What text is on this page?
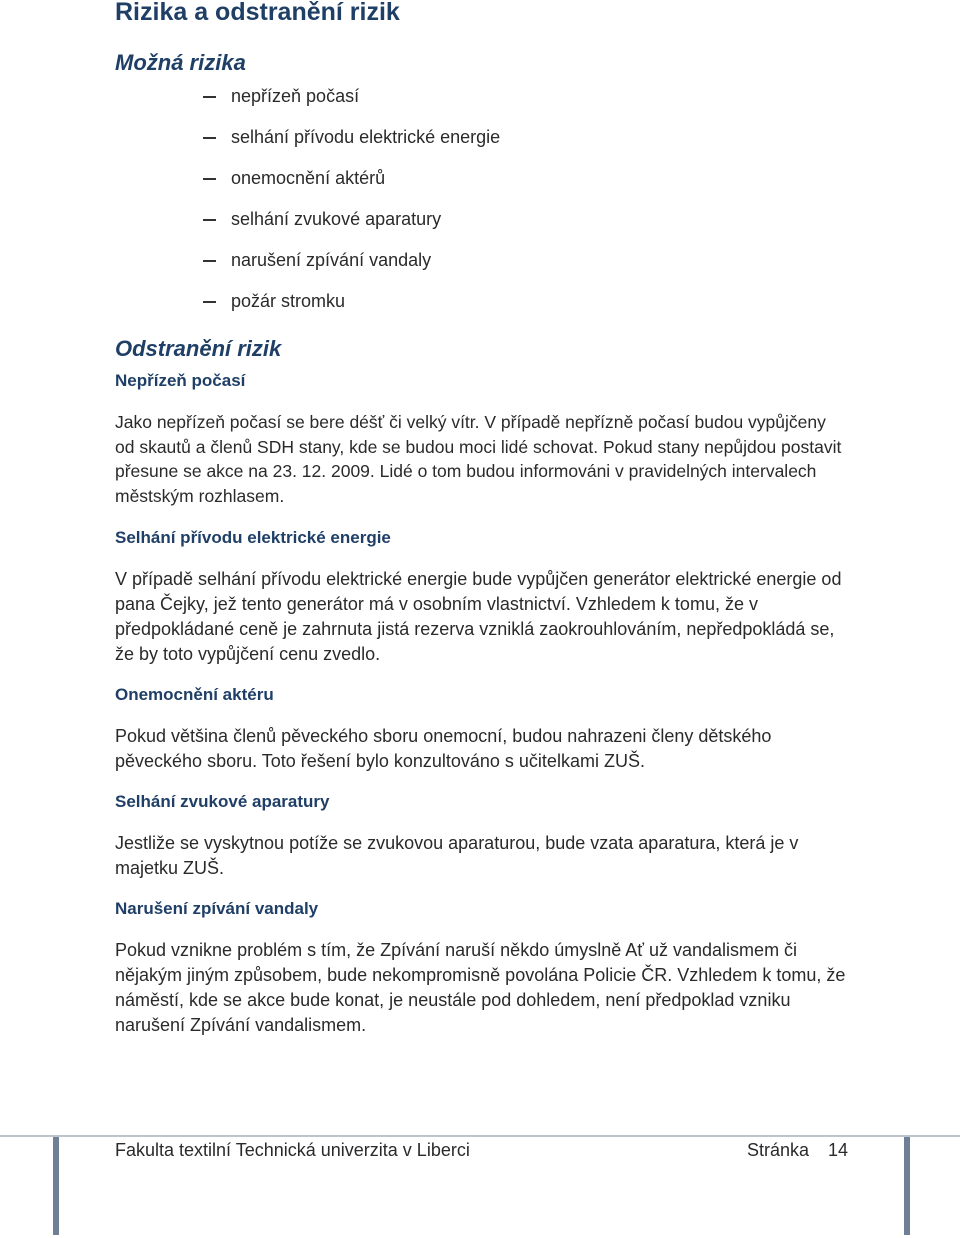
Rizika a odstranění rizik
Možná rizika
nepřízeň počasí
selhání přívodu elektrické energie
onemocnění aktérů
selhání zvukové aparatury
narušení zpívání vandaly
požár stromku
Odstranění rizik
Nepřízeň počasí

Jako nepřízeň počasí se bere déšť či velký vítr. V případě nepřízně počasí budou vypůjčeny od skautů a členů SDH stany, kde se budou moci lidé schovat. Pokud stany nepůjdou postavit přesune se akce na 23. 12. 2009. Lidé o tom budou informováni v pravidelných intervalech městským rozhlasem.

Selhání přívodu elektrické energie

V případě selhání přívodu elektrické energie bude vypůjčen generátor elektrické energie od pana Čejky, jež tento generátor má v osobním vlastnictví. Vzhledem k tomu, že v předpokládané ceně je zahrnuta jistá rezerva vzniklá zaokrouhlováním, nepředpokládá se, že by toto vypůjčení cenu zvedlo.

Onemocnění aktéru

Pokud většina členů pěveckého sboru onemocní, budou nahrazeni členy dětského pěveckého sboru. Toto řešení bylo konzultováno s učitelkami ZUŠ.

Selhání zvukové aparatury

Jestliže se vyskytnou potíže se zvukovou aparaturou, bude vzata aparatura, která je v majetku ZUŠ.

Narušení zpívání vandaly

Pokud vznikne problém s tím, že Zpívání naruší někdo úmyslně Ať už vandalismem či nějakým jiným způsobem, bude nekompromisně povolána Policie ČR. Vzhledem k tomu, že náměstí, kde se akce bude konat, je neustále pod dohledem, není předpoklad vzniku narušení Zpívání vandalismem.

Fakulta textilní Technická univerzita v Liberci	Stránka 14
